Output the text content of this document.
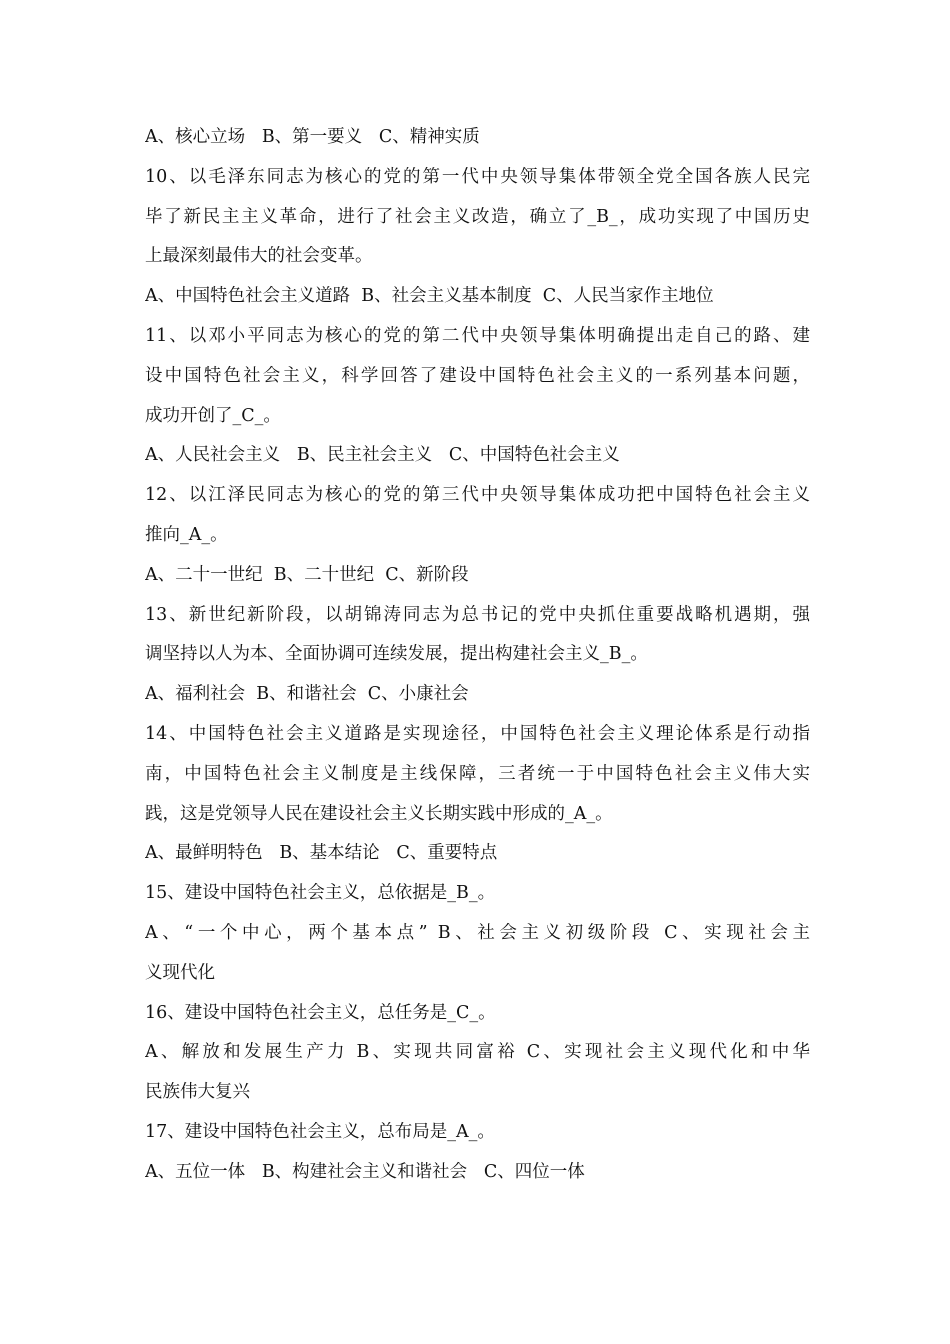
A、核心立场   B、第一要义   C、精神实质
10、以毛泽东同志为核心的党的第一代中央领导集体带领全党全国各族人民完
毕了新民主主义革命，进行了社会主义改造，确立了_B_，成功实现了中国历史
上最深刻最伟大的社会变革。
A、中国特色社会主义道路  B、社会主义基本制度  C、人民当家作主地位
11、以邓小平同志为核心的党的第二代中央领导集体明确提出走自己的路、建
设中国特色社会主义，科学回答了建设中国特色社会主义的一系列基本问题，
成功开创了_C_。
A、人民社会主义   B、民主社会主义   C、中国特色社会主义
12、以江泽民同志为核心的党的第三代中央领导集体成功把中国特色社会主义
推向_A_。
A、二十一世纪  B、二十世纪  C、新阶段
13、新世纪新阶段，以胡锦涛同志为总书记的党中央抓住重要战略机遇期，强
调坚持以人为本、全面协调可连续发展，提出构建社会主义_B_。
A、福利社会  B、和谐社会  C、小康社会
14、中国特色社会主义道路是实现途径，中国特色社会主义理论体系是行动指
南，中国特色社会主义制度是主线保障，三者统一于中国特色社会主义伟大实
践，这是党领导人民在建设社会主义长期实践中形成的_A_。
A、最鲜明特色   B、基本结论   C、重要特点
15、建设中国特色社会主义，总依据是_B_。
A、“一个中心，两个基本点” B、社会主义初级阶段 C、实现社会主
义现代化
16、建设中国特色社会主义，总任务是_C_。
A、解放和发展生产力 B、实现共同富裕 C、实现社会主义现代化和中华
民族伟大复兴
17、建设中国特色社会主义，总布局是_A_。
A、五位一体   B、构建社会主义和谐社会   C、四位一体
